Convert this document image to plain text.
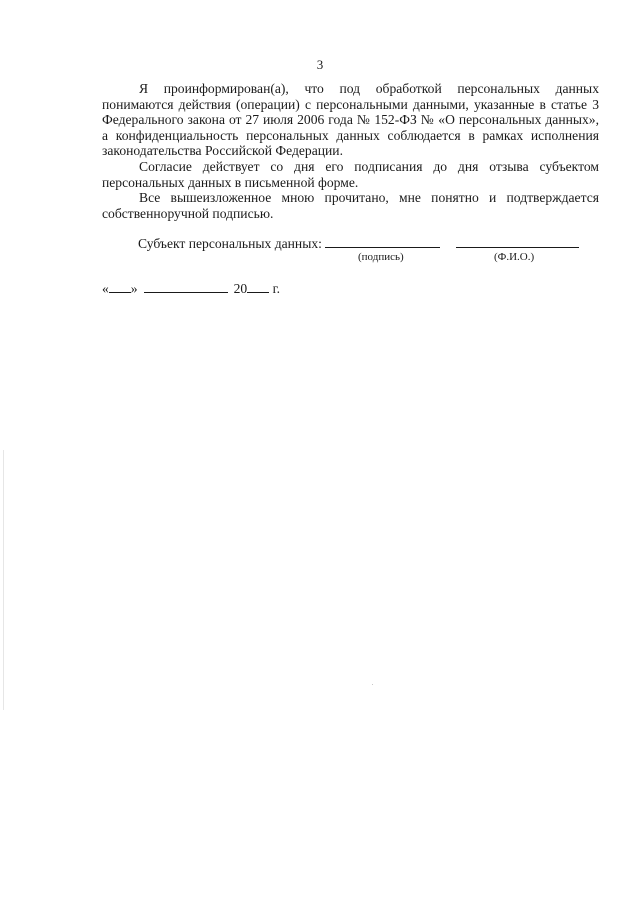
3

Я проинформирован(а), что под обработкой персональных данных понимаются действия (операции) с персональными данными, указанные в статье 3 Федерального закона от 27 июля 2006 года № 152-ФЗ № «О персональных данных», а конфиденциальность персональных данных соблюдается в рамках исполнения законодательства Российской Федерации.

Согласие действует со дня его подписания до дня отзыва субъектом персональных данных в письменной форме.

Все вышеизложенное мною прочитано, мне понятно и подтверждается собственноручной подписью.

Субъект персональных данных:
(подпись)	(Ф.И.О.)
« »	20 г.
